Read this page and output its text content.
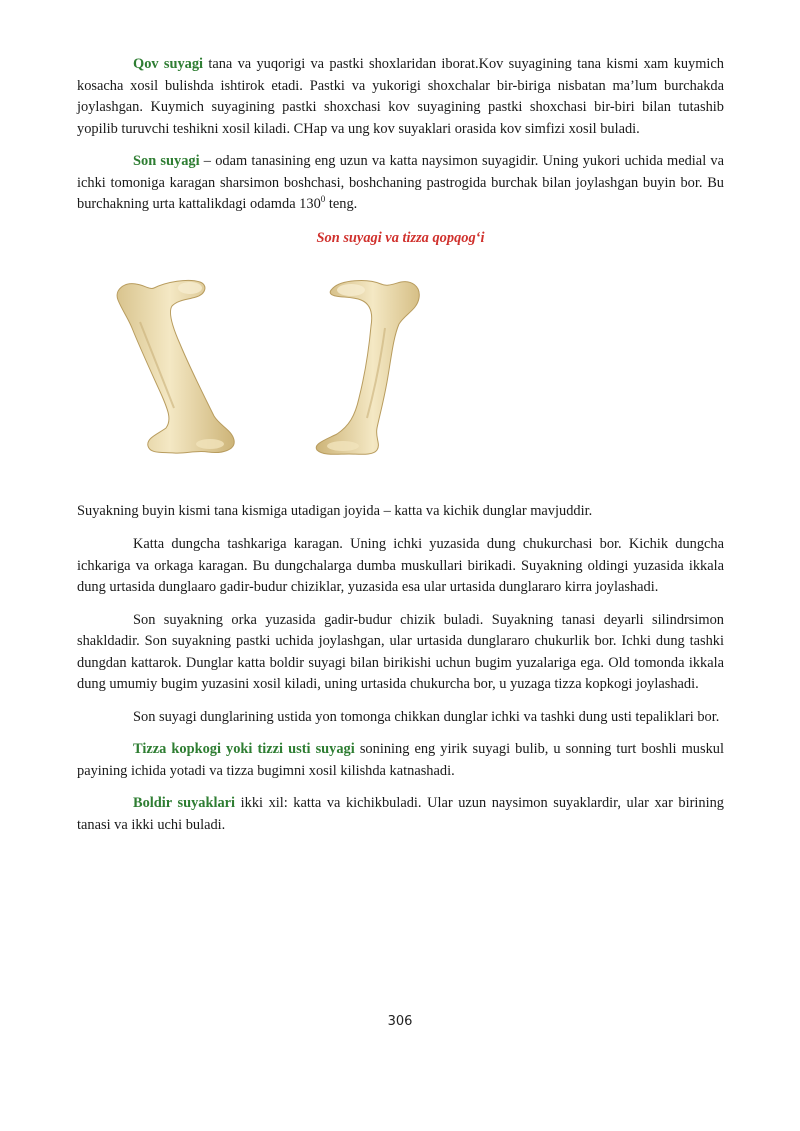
Qov suyagi tana va yuqorigi va pastki shoxlaridan iborat.Kov suyagining tana kismi xam kuymich kosacha xosil bulishda ishtirok etadi. Pastki va yukorigi shoxchalar bir-biriga nisbatan ma’lum burchakda joylashgan. Kuymich suyagining pastki shoxchasi kov suyagining pastki shoxchasi bir-biri bilan tutashib yopilib turuvchi teshikni xosil kiladi. CHap va ung kov suyaklari orasida kov simfizi xosil buladi.

Son suyagi – odam tanasining eng uzun va katta naysimon suyagidir. Uning yukori uchida medial va ichki tomoniga karagan sharsimon boshchasi, boshchaning pastrogida burchak bilan joylashgan buyin bor. Bu burchakning urta kattalikdagi odamda $130^0$ teng.

Son suyagi va tizza qopqog‘i

Suyakning buyin kismi tana kismiga utadigan joyida – katta va kichik dunglar mavjuddir.

Katta dungcha tashkariga karagan. Uning ichki yuzasida dung chukurchasi bor. Kichik dungcha ichkariga va orkaga karagan. Bu dungchalarga dumba muskullari birikadi. Suyakning oldingi yuzasida ikkala dung urtasida dunglaaro gadir-budur chiziklar, yuzasida esa ular urtasida dunglararo kirra joylashadi.

Son suyakning orka yuzasida gadir-budur chizik buladi. Suyakning tanasi deyarli silindrsimon shakldadir. Son suyakning pastki uchida joylashgan, ular urtasida dunglararo chukurlik bor. Ichki dung tashki dungdan kattarok. Dunglar katta boldir suyagi bilan birikishi uchun bugim yuzalariga ega. Old tomonda ikkala dung umumiy bugim yuzasini xosil kiladi, uning urtasida chukurcha bor, u yuzaga tizza kopkogi joylashadi.

Son suyagi dunglarining ustida yon tomonga chikkan dunglar ichki va tashki dung usti tepaliklari bor.

Tizza kopkogi yoki tizzi usti suyagi sonining eng yirik suyagi bulib, u sonning turt boshli muskul payining ichida yotadi va tizza bugimni xosil kilishda katnashadi.

Boldir suyaklari ikki xil: katta va kichikbuladi. Ular uzun naysimon suyaklardir, ular xar birining tanasi va ikki uchi buladi.

306
